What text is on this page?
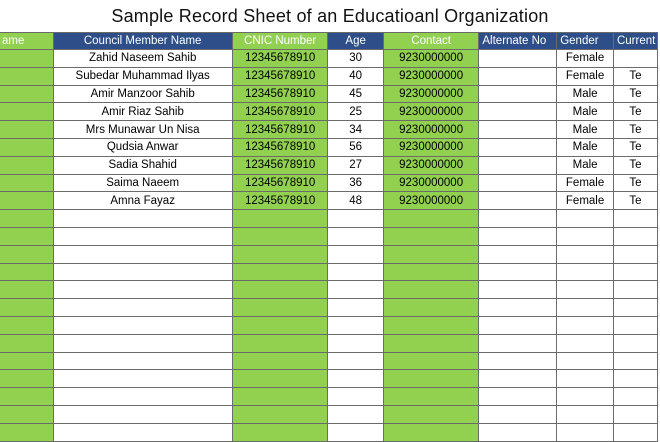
Sample Record Sheet of an Educatioanl Organization
ame	Council Member Name	CNIC Number	Age	Contact	Alternate No	Gender	Current
	Zahid Naseem Sahib	12345678910	30	9230000000		Female	
	Subedar Muhammad Ilyas	12345678910	40	9230000000		Female	Te
	Amir Manzoor Sahib	12345678910	45	9230000000		Male	Te
	Amir Riaz Sahib	12345678910	25	9230000000		Male	Te
	Mrs Munawar Un Nisa	12345678910	34	9230000000		Male	Te
	Qudsia Anwar	12345678910	56	9230000000		Male	Te
	Sadia Shahid	12345678910	27	9230000000		Male	Te
	Saima Naeem	12345678910	36	9230000000		Female	Te
	Amna Fayaz	12345678910	48	9230000000		Female	Te
